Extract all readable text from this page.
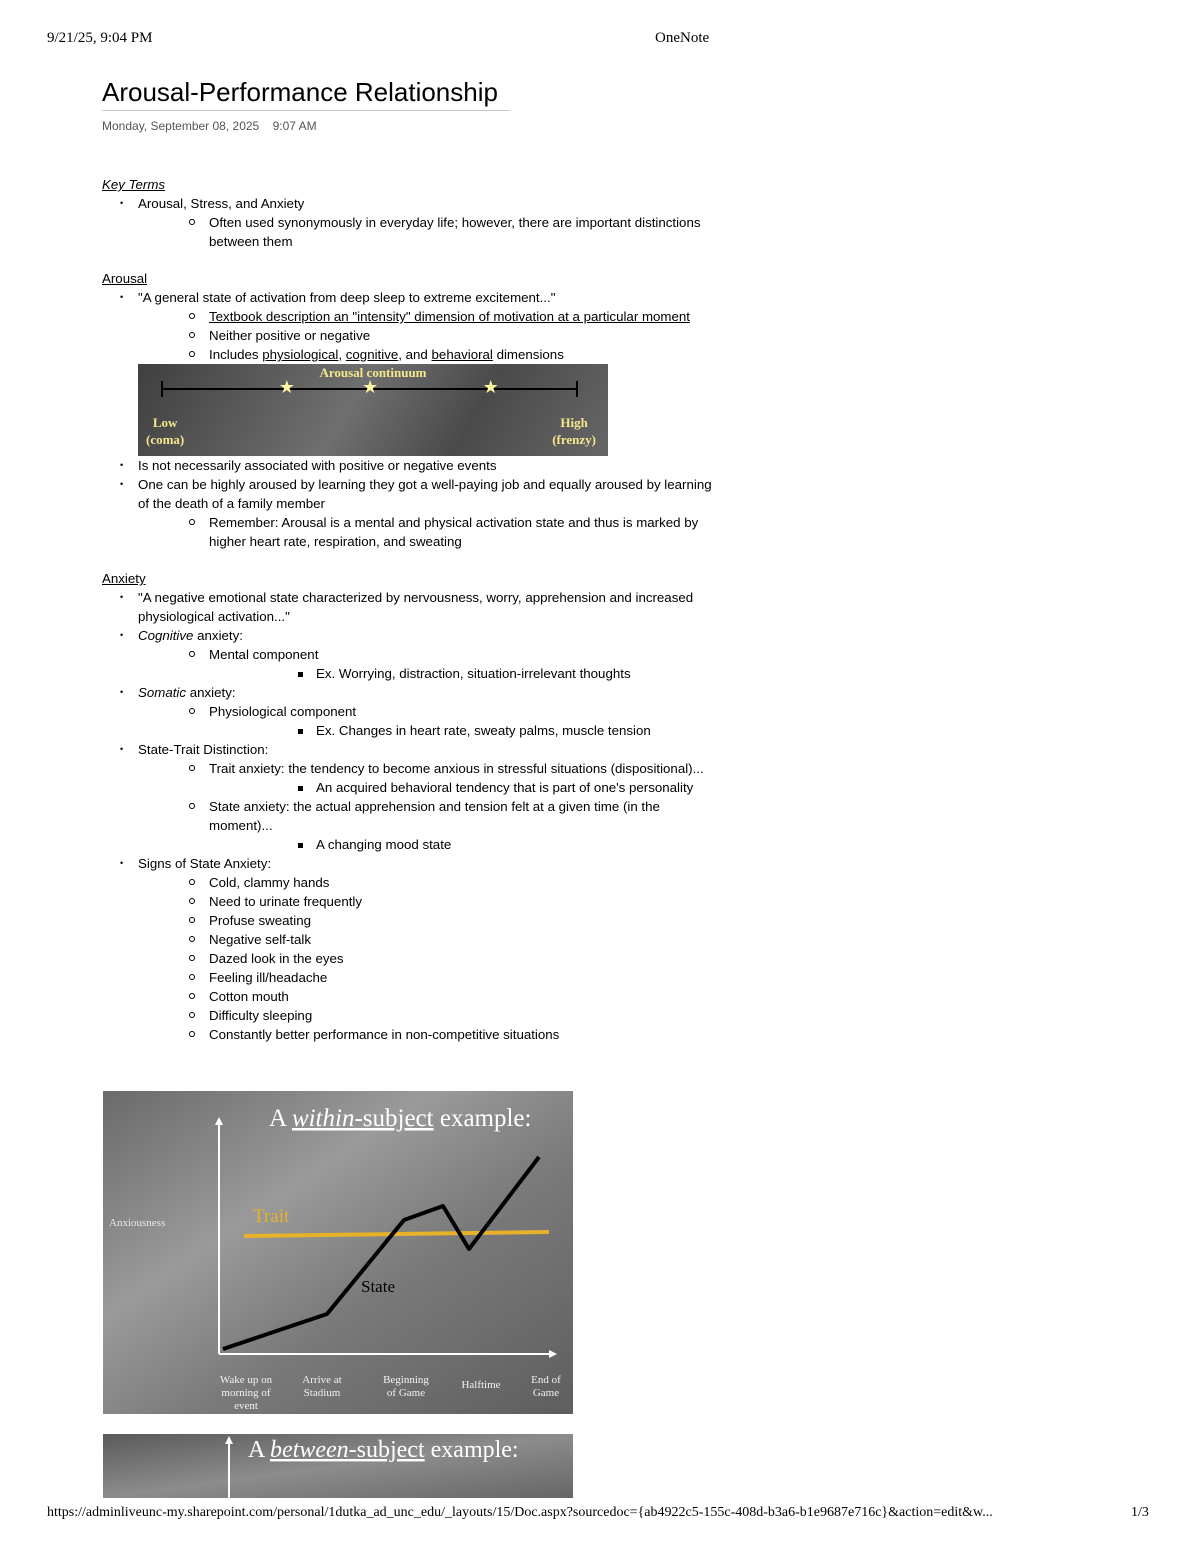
9/21/25, 9:04 PM	OneNote
Arousal-Performance Relationship
Monday, September 08, 2025 9:07 AM

Key Terms

• Arousal, Stress, and Anxiety
Often used synonymously in everyday life; however, there are important distinctions between them

Arousal

• "A general state of activation from deep sleep to extreme excitement..."
Textbook description an "intensity" dimension of motivation at a particular moment
Neither positive or negative
Includes physiological, cognitive, and behavioral dimensions
Arousal continuum
★	★	★
Low
(coma)
High
(frenzy)
• Is not necessarily associated with positive or negative events
• One can be highly aroused by learning they got a well-paying job and equally aroused by learning of the death of a family member
Remember: Arousal is a mental and physical activation state and thus is marked by higher heart rate, respiration, and sweating

Anxiety

• "A negative emotional state characterized by nervousness, worry, apprehension and increased physiological activation..."
• Cognitive anxiety:
Mental component
Ex. Worrying, distraction, situation-irrelevant thoughts
• Somatic anxiety:
Physiological component
Ex. Changes in heart rate, sweaty palms, muscle tension
• State-Trait Distinction:
Trait anxiety: the tendency to become anxious in stressful situations (dispositional)...
An acquired behavioral tendency that is part of one's personality
State anxiety: the actual apprehension and tension felt at a given time (in the moment)...
A changing mood state
• Signs of State Anxiety:
Cold, clammy hands
Need to urinate frequently
Profuse sweating
Negative self-talk
Dazed look in the eyes
Feeling ill/headache
Cotton mouth
Difficulty sleeping
Constantly better performance in non-competitive situations
A within-subject example:
Anxiousness	Trait
State
Wake up on morning of event
Arrive at Stadium
Beginning of Game
Halftime	End of Game
A between-subject example:
https://adminliveunc-my.sharepoint.com/personal/1dutka_ad_unc_edu/_layouts/15/Doc.aspx?sourcedoc={ab4922c5-155c-408d-b3a6-b1e9687e716c}&action=edit&w...	1/3
